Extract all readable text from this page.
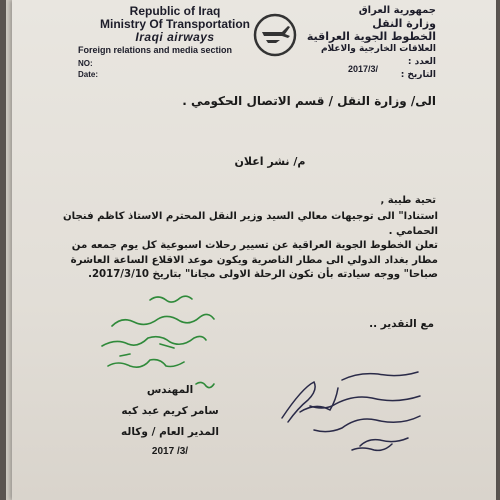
Republic of Iraq
Ministry Of Transportation
Iraqi airways
Foreign relations and media section
NO:
Date:
جمهورية العراق
وزارة النقل
الخطوط الجوية العراقية
العلاقات الخارجية والاعلام
العدد :
التاريخ :
2017/3/
الى/ وزارة النقل / قسم الاتصال الحكومي .
م/ نشر اعلان
تحية طيبة ,

استنادا" الى توجيهات معالي السيد وزير النقل المحترم الاستاذ كاظم فنجان الحمامي .

تعلن الخطوط الجوية العراقية عن تسيير رحلات اسبوعية كل يوم جمعه من مطار بغداد الدولي الى مطار الناصرية ويكون موعد الاقلاع الساعة العاشرة صباحا" ووجه سيادته بأن تكون الرحلة الاولى مجانا" بتاريخ 2017/3/10.

مع التقدير ..
المهندس
سامر كريم عبد كبه
المدير العام / وكاله
2017 /3/
